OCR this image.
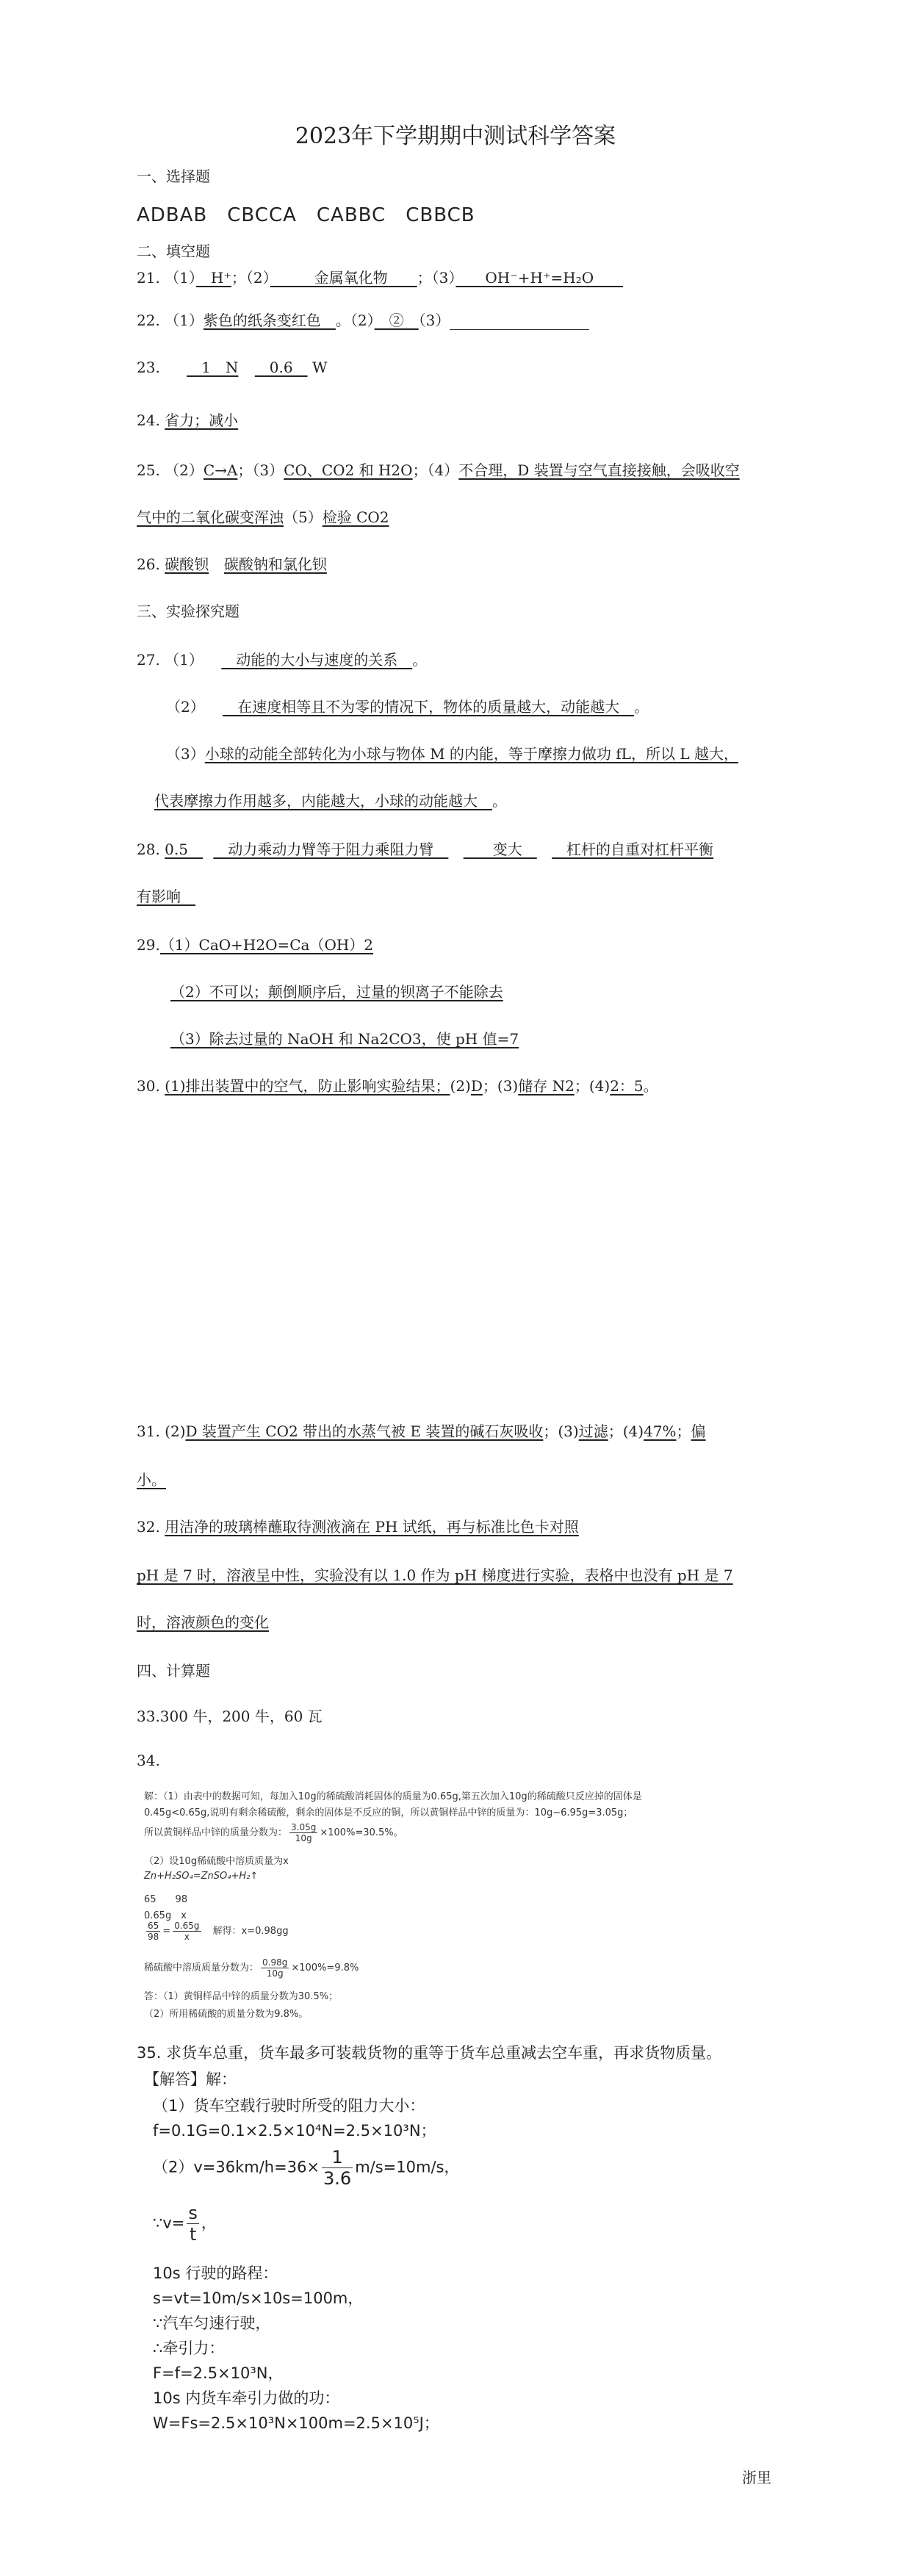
2023年下学期期中测试科学答案
一、选择题
ADBAB　CBCCA　CABBC　CBBCB
二、填空题
21. （1）　H⁺；（2）　　　金属氧化物　　；（3）　　OH⁻+H⁺=H₂O　　
22. （1）紫色的纸条变红色　。（2）　②　（3）
23. 　1　N 　0.6　 W
24. 省力；减小
25. （2）C→A；（3）CO、CO2 和 H2O；（4）不合理，D 装置与空气直接接触，会吸收空
气中的二氧化碳变浑浊（5）检验 CO2
26. 碳酸钡 碳酸钠和氯化钡
三、实验探究题
27. （1） 　动能的大小与速度的关系　。
（2） 　在速度相等且不为零的情况下，物体的质量越大，动能越大　。
（3）小球的动能全部转化为小球与物体 M 的内能，等于摩擦力做功 fL，所以 L 越大，
代表摩擦力作用越多，内能越大，小球的动能越大　。
28. 0.5　 　动力乘动力臂等于阻力乘阻力臂　 　　变大　 　杠杆的自重对杠杆平衡
有影响　
29.（1）CaO+H2O=Ca（OH）2
（2）不可以；颠倒顺序后，过量的钡离子不能除去
（3）除去过量的 NaOH 和 Na2CO3，使 pH 值=7
30. (1)排出装置中的空气，防止影响实验结果；(2)D；(3)储存 N2；(4)2：5。
31. (2)D 装置产生 CO2 带出的水蒸气被 E 装置的碱石灰吸收；(3)过滤；(4)47%；偏
小。
32. 用洁净的玻璃棒蘸取待测液滴在 PH 试纸，再与标准比色卡对照
pH 是 7 时，溶液呈中性，实验没有以 1.0 作为 pH 梯度进行实验，表格中也没有 pH 是 7
时，溶液颜色的变化
四、计算题
33.300 牛，200 牛，60 瓦
34.
解：（1）由表中的数据可知，每加入10g的稀硫酸消耗固体的质量为0.65g,第五次加入10g的稀硫酸只反应掉的固体是
0.45g<0.65g,说明有剩余稀硫酸，剩余的固体是不反应的铜，所以黄铜样品中锌的质量为：10g−6.95g=3.05g；
所以黄铜样品中锌的质量分数为： $\frac{3.05g}{10g} \times 100\%=30.5\%$。
（2）设10g稀硫酸中溶质质量为x
Zn+H₂SO₄=ZnSO₄+H₂↑
65　　98
0.65g　x
$\frac{65}{98} = \frac{0.65g}{x}$ 　解得：x=0.98gg
稀硫酸中溶质质量分数为： $\frac{0.98g}{10g} \times 100\%=9.8\%$
答：（1）黄铜样品中锌的质量分数为30.5%；
（2）所用稀硫酸的质量分数为9.8%。
35. 求货车总重，货车最多可装载货物的重等于货车总重减去空车重，再求货物质量。
【解答】解：
（1）货车空载行驶时所受的阻力大小：
f=0.1G=0.1×2.5×10⁴N=2.5×10³N；
$(2)v=36km/h=36\times \frac{1}{3.6} m/s=10m/s$，
∵v= $\frac{s}{t}$ ，
10s 行驶的路程：
s=vt=10m/s×10s=100m，
∵汽车匀速行驶，
∴牵引力：
F=f=2.5×10³N，
10s 内货车牵引力做的功：
W=Fs=2.5×10³N×100m=2.5×10⁵J；
浙里
